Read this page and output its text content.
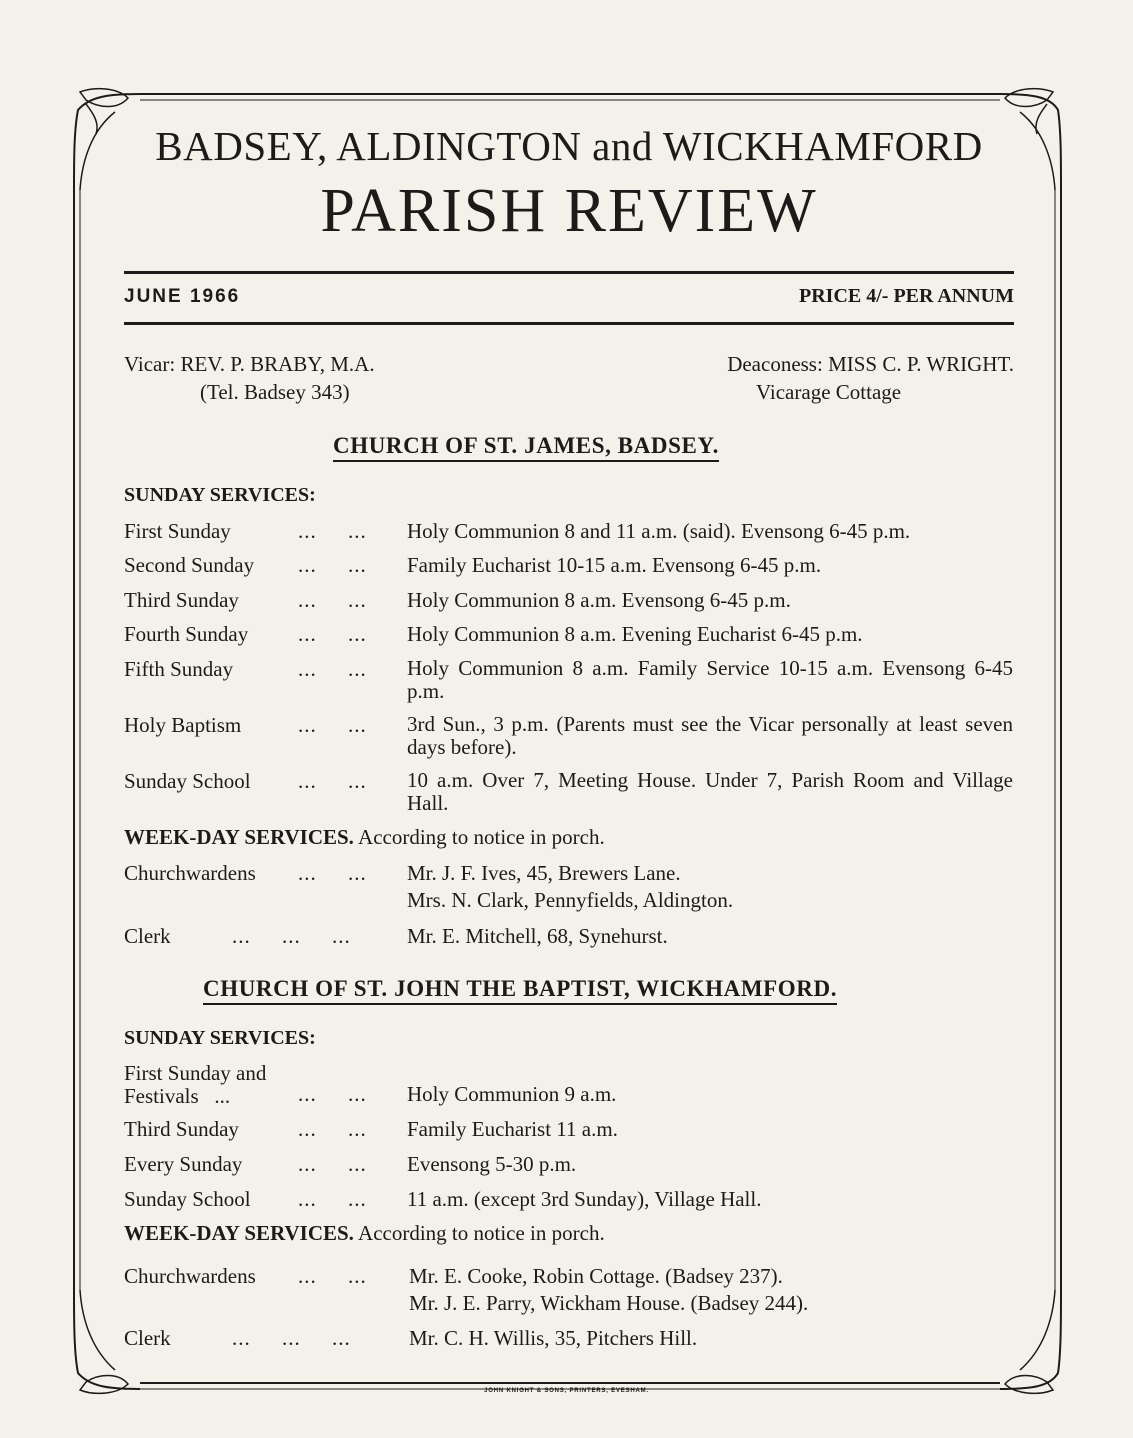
BADSEY, ALDINGTON and WICKHAMFORD
PARISH REVIEW
JUNE 1966	PRICE 4/- PER ANNUM
Vicar: REV. P. BRABY, M.A.
(Tel. Badsey 343)
Deaconess: MISS C. P. WRIGHT.
Vicarage Cottage
CHURCH OF ST. JAMES, BADSEY.
SUNDAY SERVICES:
First Sunday	... ... Holy Communion 8 and 11 a.m. (said). Evensong 6-45 p.m.
Second Sunday ... ... Family Eucharist 10-15 a.m. Evensong 6-45 p.m.
Third Sunday	... ... Holy Communion 8 a.m. Evensong 6-45 p.m.
Fourth Sunday ... ... Holy Communion 8 a.m. Evening Eucharist 6-45 p.m.
Fifth Sunday	... ... Holy Communion 8 a.m. Family Service 10-15 a.m. Evensong 6-45 p.m.
Holy Baptism	... ... 3rd Sun., 3 p.m. (Parents must see the Vicar personally at least seven days before).
Sunday School ... ... 10 a.m. Over 7, Meeting House. Under 7, Parish Room and Village Hall.
WEEK-DAY SERVICES. According to notice in porch.
Churchwardens ... ... Mr. J. F. Ives, 45, Brewers Lane.
Mrs. N. Clark, Pennyfields, Aldington.
Clerk	... ... ...	Mr. E. Mitchell, 68, Synehurst.
CHURCH OF ST. JOHN THE BAPTIST, WICKHAMFORD.
SUNDAY SERVICES:
First Sunday and
Festivals ...	... ... Holy Communion 9 a.m.
Third Sunday	... ... Family Eucharist 11 a.m.
Every Sunday	... ... Evensong 5-30 p.m.
Sunday School ... ... 11 a.m. (except 3rd Sunday), Village Hall.
WEEK-DAY SERVICES. According to notice in porch.
Churchwardens ... ... Mr. E. Cooke, Robin Cottage. (Badsey 237).
Mr. J. E. Parry, Wickham House. (Badsey 244).
Clerk	... ... ...	Mr. C. H. Willis, 35, Pitchers Hill.
JOHN KNIGHT & SONS, PRINTERS, EVESHAM.
